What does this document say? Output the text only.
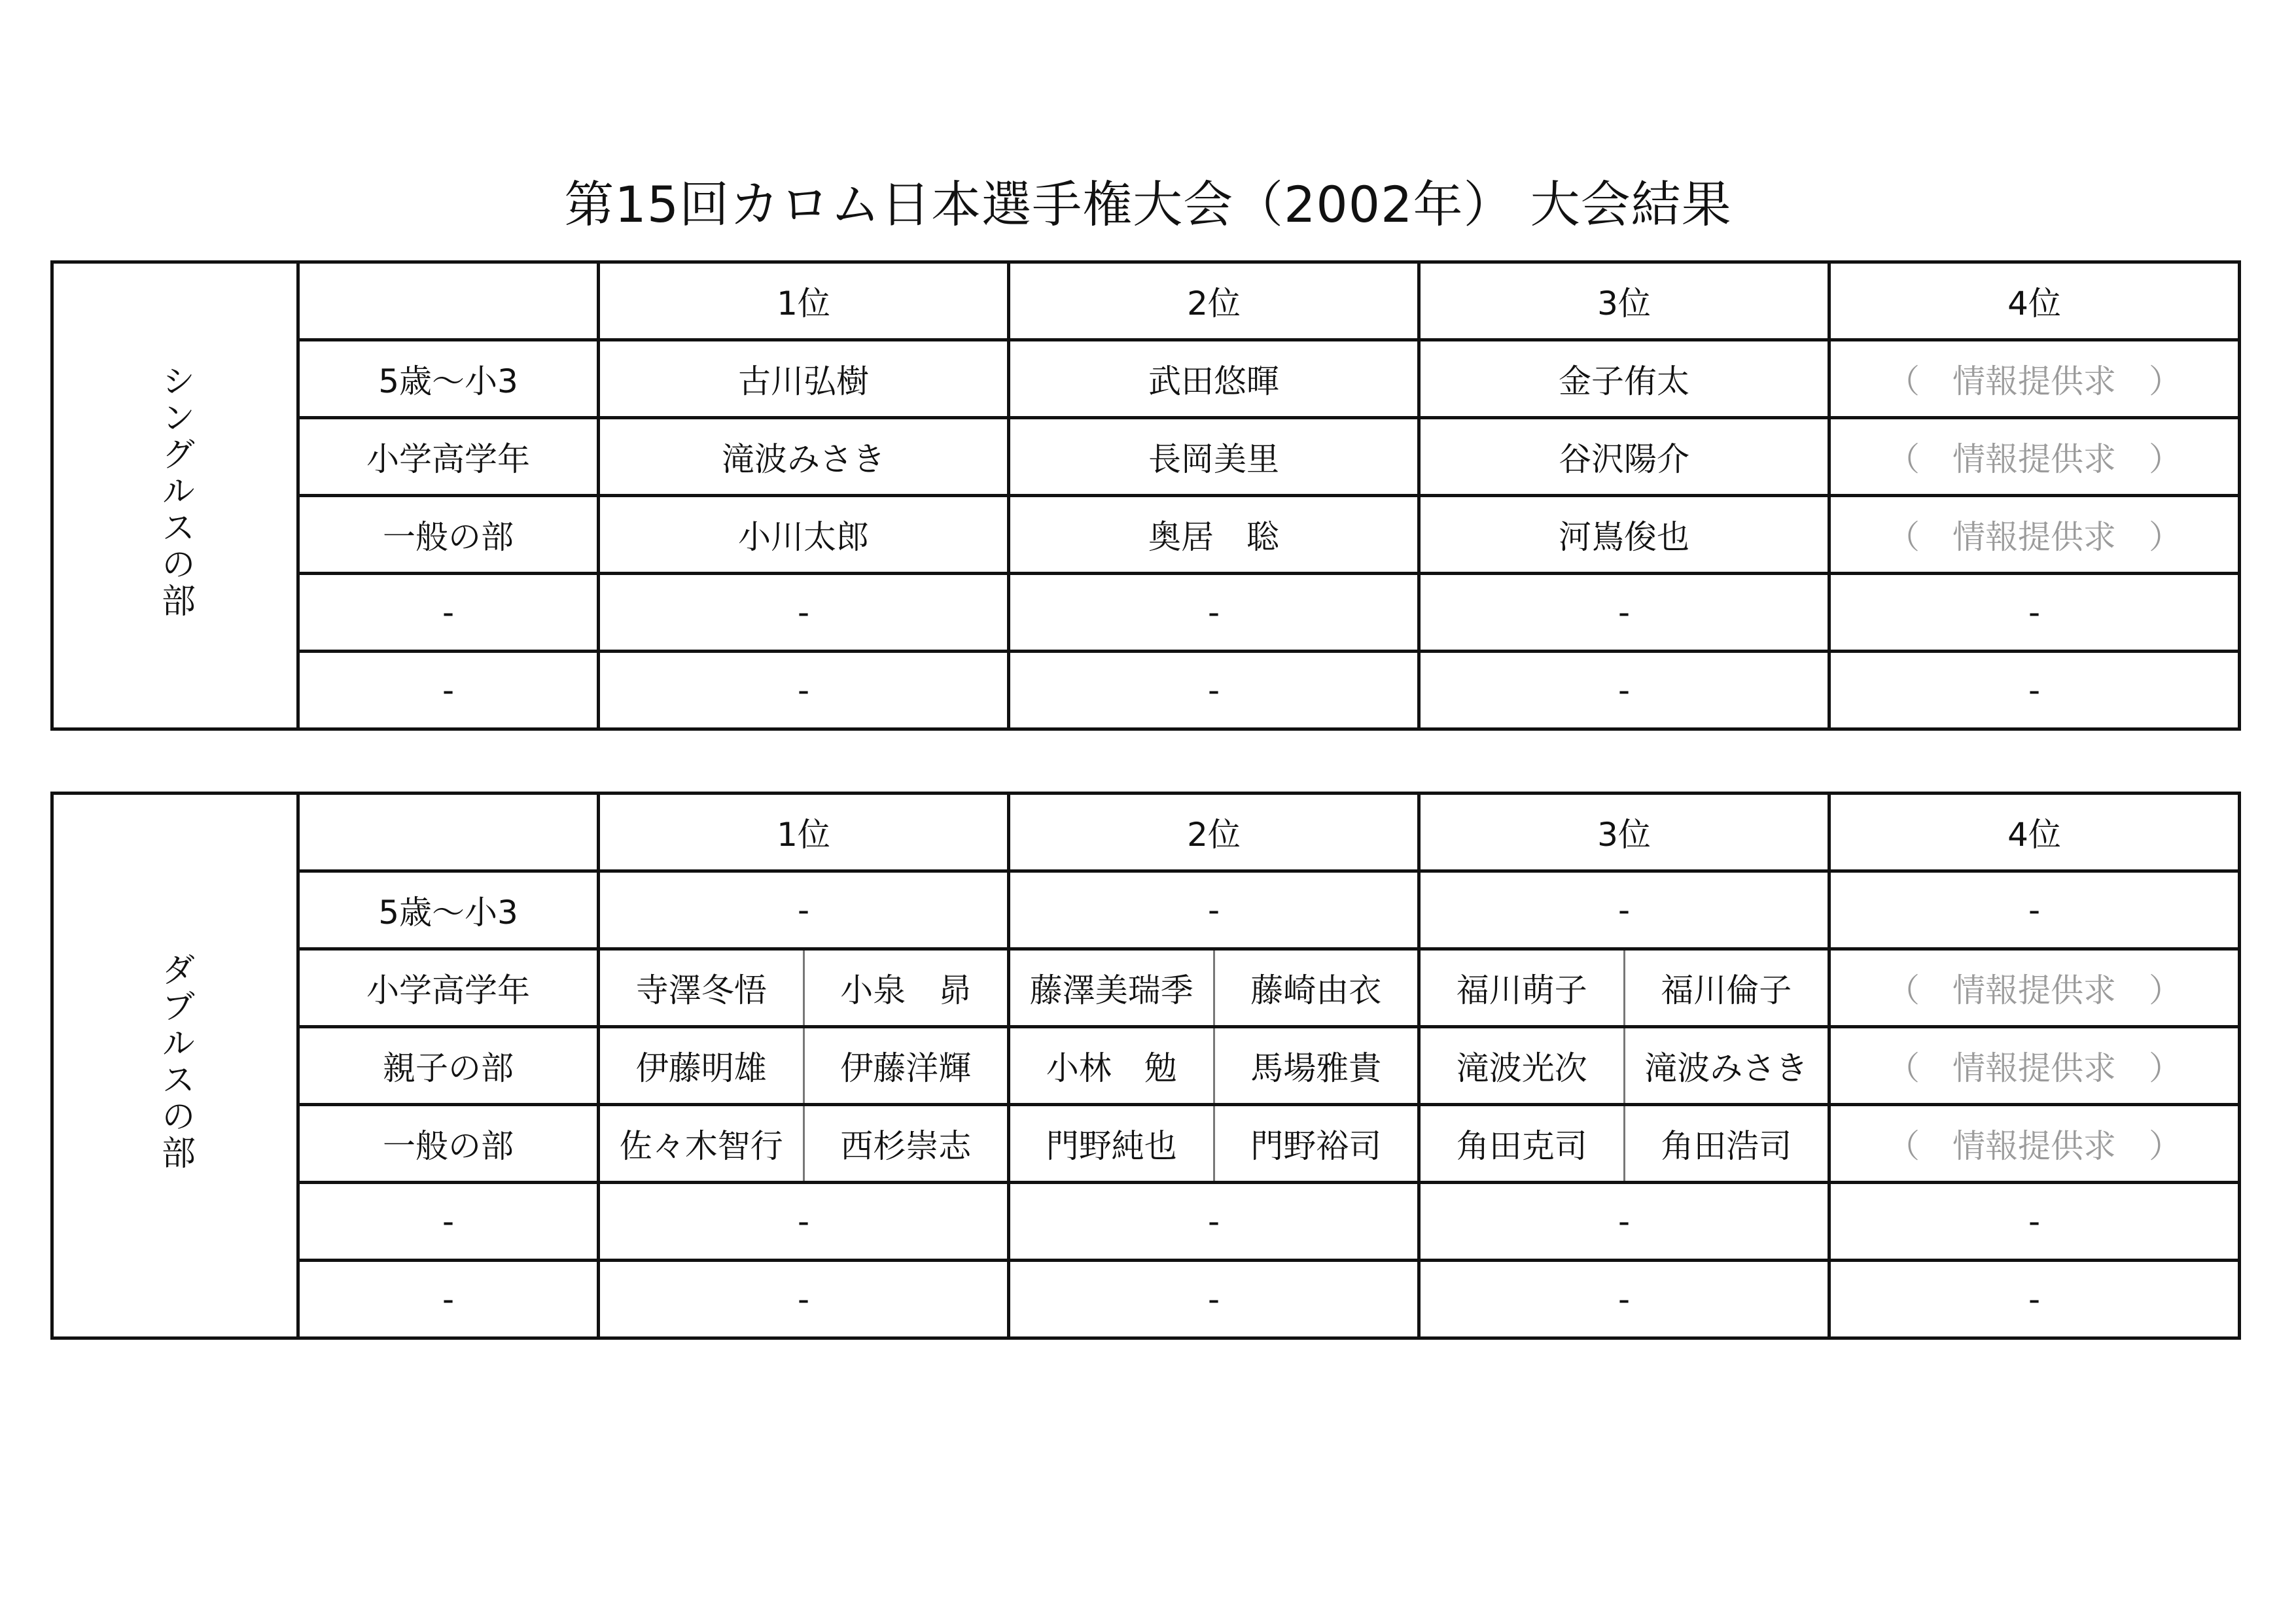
第15回カロム日本選手権大会（2002年） 大会結果
シングルスの部		1位	2位	3位	4位
	5歳～小3	古川弘樹	武田悠暉	金子侑太	（　情報提供求　）
	小学高学年	滝波みさき	長岡美里	谷沢陽介	（　情報提供求　）
	一般の部	小川太郎	奥居　聡	河嶌俊也	（　情報提供求　）
	-	-	-	-	-
	-	-	-	-	-
ダブルスの部		1位	2位	3位	4位
	5歳～小3	-	-	-	-
	小学高学年	寺澤冬悟 小泉　昴	藤澤美瑞季 藤崎由衣	福川萌子 福川倫子	（　情報提供求　）
	親子の部	伊藤明雄 伊藤洋輝	小林　勉 馬場雅貴	滝波光次 滝波みさき	（　情報提供求　）
	一般の部	佐々木智行 西杉崇志	門野純也 門野裕司	角田克司 角田浩司	（　情報提供求　）
	-	-	-	-	-
	-	-	-	-	-
